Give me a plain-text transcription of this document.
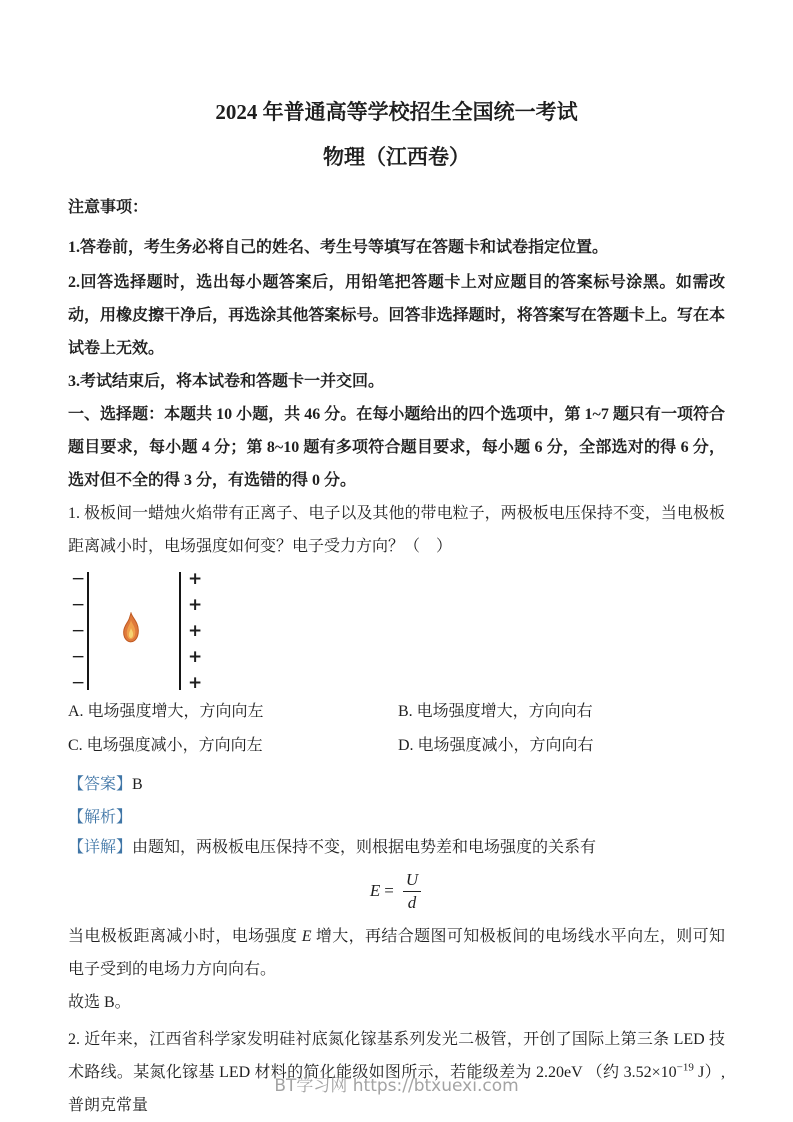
2024 年普通高等学校招生全国统一考试
物理（江西卷）
注意事项：

1.答卷前，考生务必将自己的姓名、考生号等填写在答题卡和试卷指定位置。

2.回答选择题时，选出每小题答案后，用铅笔把答题卡上对应题目的答案标号涂黑。如需改动，用橡皮擦干净后，再选涂其他答案标号。回答非选择题时，将答案写在答题卡上。写在本试卷上无效。

3.考试结束后，将本试卷和答题卡一并交回。

一、选择题：本题共 10 小题，共 46 分。在每小题给出的四个选项中，第 1~7 题只有一项符合题目要求，每小题 4 分；第 8~10 题有多项符合题目要求，每小题 6 分，全部选对的得 6 分，选对但不全的得 3 分，有选错的得 0 分。

1. 极板间一蜡烛火焰带有正离子、电子以及其他的带电粒子，两极板电压保持不变，当电极板距离减小时，电场强度如何变？电子受力方向？（　）

−
−
−
−
−
+
+
+
+
+
A. 电场强度增大，方向向左	B. 电场强度增大，方向向右
C. 电场强度减小，方向向左	D. 电场强度减小，方向向右

【答案】B

【解析】

【详解】由题知，两极板电压保持不变，则根据电势差和电场强度的关系有

$E = \frac{U}{d}$

当电极板距离减小时，电场强度 E 增大，再结合题图可知极板间的电场线水平向左，则可知电子受到的电场力方向向右。

故选 B。

2. 近年来，江西省科学家发明硅衬底氮化镓基系列发光二极管，开创了国际上第三条 LED 技术路线。某氮化镓基 LED 材料的简化能级如图所示，若能级差为 2.20eV （约 $3.52\times 10^{-19}$ J）,普朗克常量

BT学习网 https://btxuexi.com
